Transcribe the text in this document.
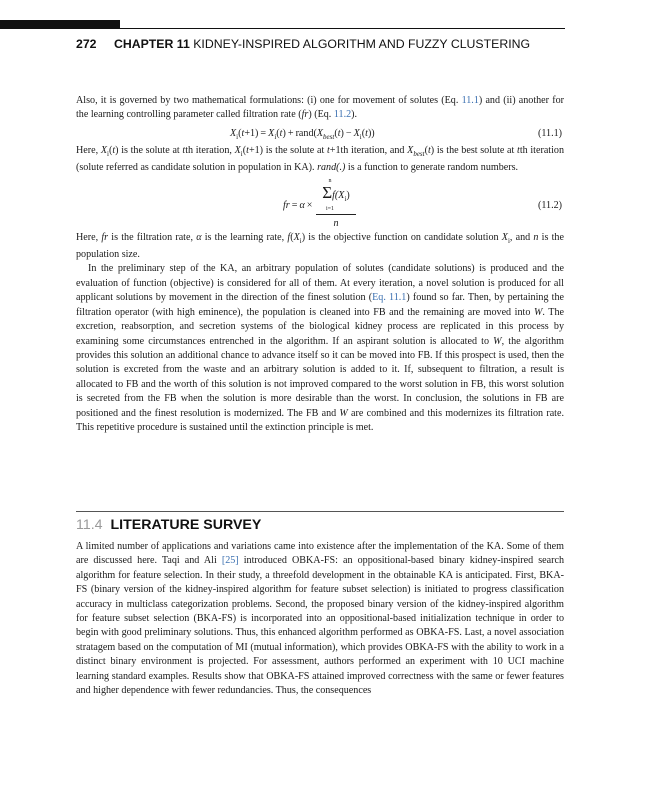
272 CHAPTER 11 KIDNEY-INSPIRED ALGORITHM AND FUZZY CLUSTERING

Also, it is governed by two mathematical formulations: (i) one for movement of solutes (Eq. 11.1) and (ii) another for the learning controlling parameter called filtration rate (fr) (Eq. 11.2).

$X_i(t+1) = X_i(t)$ + $rand(X_{best}(t) - X_i(t))$	(11.1)

Here, $X_i(t)$ is the solute at tth iteration, $X_i(t+1)$ is the solute at t+1th iteration, and $X_{best}(t)$ is the best solute at tth iteration (solute referred as candidate solution in population in KA). rand(.) is a function to generate random numbers.

fr = α ×
n
$\Sigma f(X_i)$
i=1
n
(11.2)

Here, fr is the filtration rate, α is the learning rate, $f(X_i)$ is the objective function on candidate solution $X_i$, and n is the population size.

In the preliminary step of the KA, an arbitrary population of solutes (candidate solutions) is produced and the evaluation of function (objective) is considered for all of them. At every iteration, a novel solution is produced for all applicant solutions by movement in the direction of the finest solution (Eq. 11.1) found so far. Then, by pertaining the filtration operator (with high eminence), the population is cleaned into FB and the remaining are moved into W. The excretion, reabsorption, and secretion systems of the biological kidney process are replicated in this process by examining some circumstances entrenched in the algorithm. If an aspirant solution is allocated to W, the algorithm provides this solution an additional chance to advance itself so it can be moved into FB. If this prospect is used, then the solution is excreted from the waste and an arbitrary solution is added to it. If, subsequent to filtration, a result is allocated to FB and the worth of this solution is not improved compared to the worst solution in FB, this worst solution is secreted from the FB when the solution is more desirable than the worst. In conclusion, the solutions in FB are positioned and the finest resolution is modernized. The FB and W are combined and this modernizes its filtration rate. This repetitive procedure is sustained until the extinction principle is met.

11.4 LITERATURE SURVEY

A limited number of applications and variations came into existence after the implementation of the KA. Some of them are discussed here. Taqi and Ali [25] introduced OBKA-FS: an oppositional-based binary kidney-inspired search algorithm for feature selection. In their study, a threefold development in the obtainable KA is anticipated. First, BKA-FS (binary version of the kidney-inspired algorithm for feature subset selection) is initiated to progress classification accuracy in multiclass categorization problems. Second, the proposed binary version of the kidney-inspired algorithm for feature subset selection (BKA-FS) is incorporated into an oppositional-based initialization technique in order to begin with good preliminary solutions. Thus, this enhanced algorithm performed as OBKA-FS. Last, a novel association stratagem based on the computation of MI (mutual information), which provides OBKA-FS with the ability to work in a distinct binary environment is projected. For assessment, authors performed an experiment with 10 UCI machine learning standard examples. Results show that OBKA-FS attained improved correctness with the same or fewer features and higher dependence with fewer redundancies. Thus, the consequences
